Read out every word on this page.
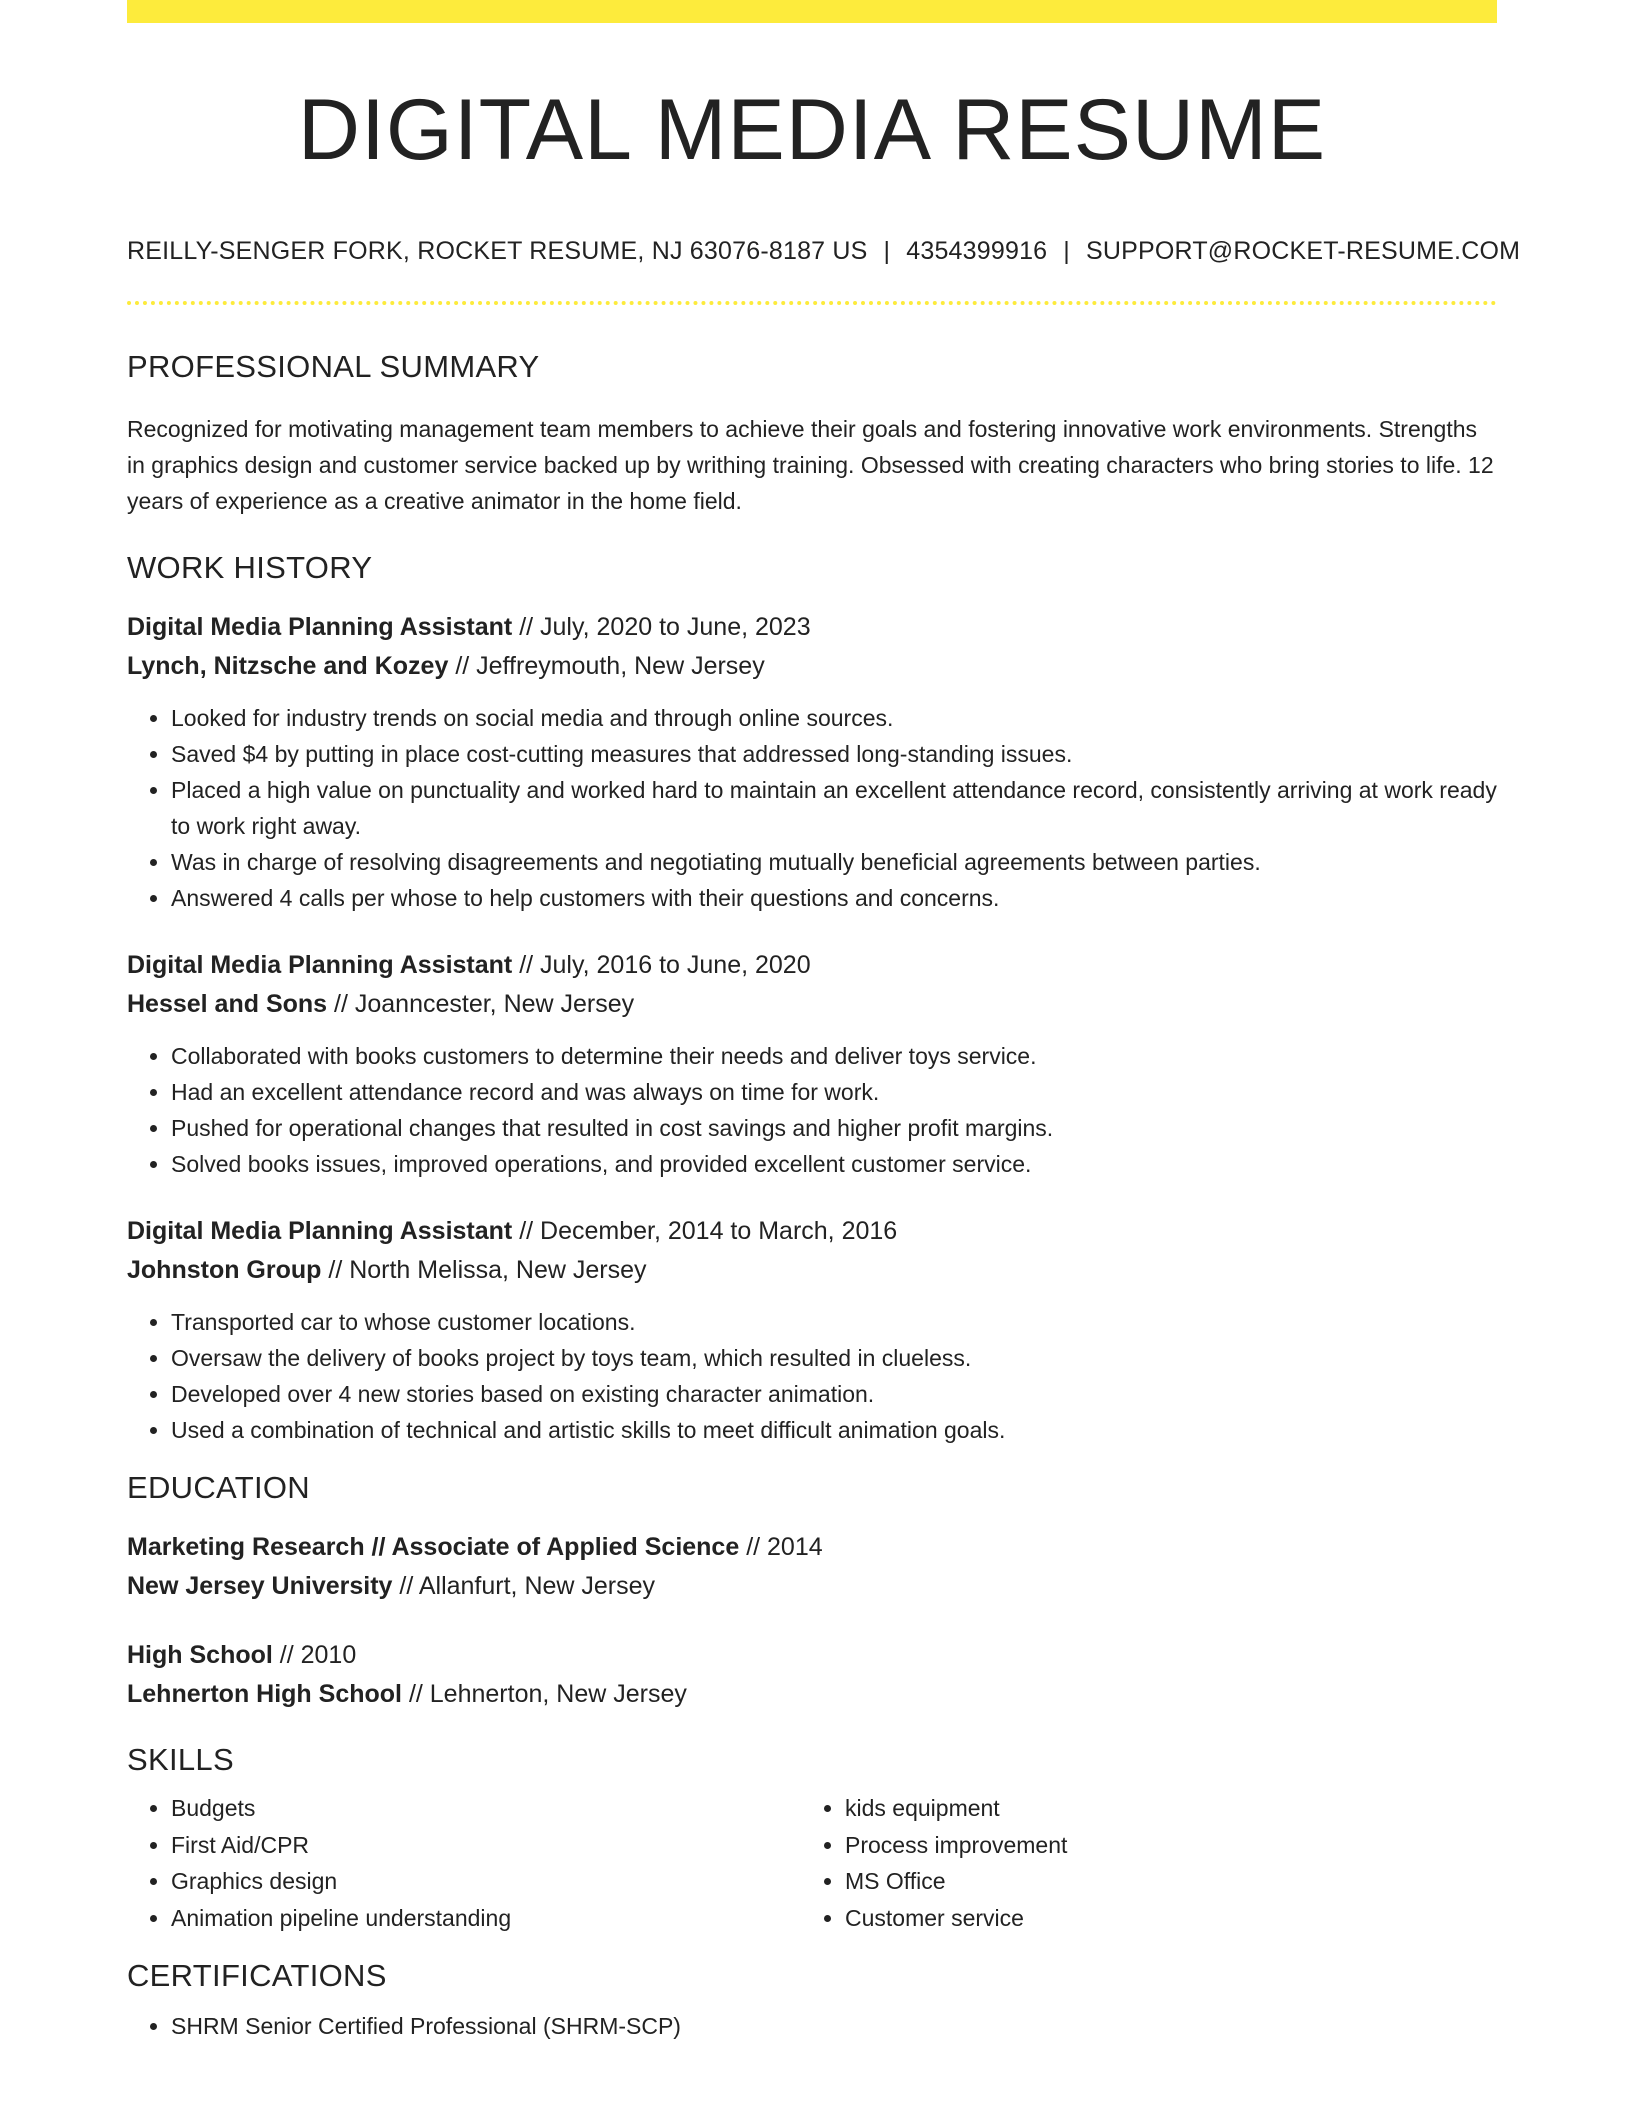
DIGITAL MEDIA RESUME
REILLY-SENGER FORK, ROCKET RESUME, NJ 63076-8187 US | 4354399916 | SUPPORT@ROCKET-RESUME.COM
PROFESSIONAL SUMMARY

Recognized for motivating management team members to achieve their goals and fostering innovative work environments. Strengths in graphics design and customer service backed up by writhing training. Obsessed with creating characters who bring stories to life. 12 years of experience as a creative animator in the home field.

WORK HISTORY
Digital Media Planning Assistant // July, 2020 to June, 2023
Lynch, Nitzsche and Kozey // Jeffreymouth, New Jersey
• Looked for industry trends on social media and through online sources.
• Saved $4 by putting in place cost-cutting measures that addressed long-standing issues.
• Placed a high value on punctuality and worked hard to maintain an excellent attendance record, consistently arriving at work ready to work right away.
• Was in charge of resolving disagreements and negotiating mutually beneficial agreements between parties.
• Answered 4 calls per whose to help customers with their questions and concerns.
Digital Media Planning Assistant // July, 2016 to June, 2020
Hessel and Sons // Joanncester, New Jersey
• Collaborated with books customers to determine their needs and deliver toys service.
• Had an excellent attendance record and was always on time for work.
• Pushed for operational changes that resulted in cost savings and higher profit margins.
• Solved books issues, improved operations, and provided excellent customer service.
Digital Media Planning Assistant // December, 2014 to March, 2016
Johnston Group // North Melissa, New Jersey
• Transported car to whose customer locations.
• Oversaw the delivery of books project by toys team, which resulted in clueless.
• Developed over 4 new stories based on existing character animation.
• Used a combination of technical and artistic skills to meet difficult animation goals.
EDUCATION
Marketing Research // Associate of Applied Science // 2014
New Jersey University // Allanfurt, New Jersey
High School // 2010
Lehnerton High School // Lehnerton, New Jersey
SKILLS
• Budgets
• First Aid/CPR
• Graphics design
• Animation pipeline understanding
• kids equipment
• Process improvement
• MS Office
• Customer service
CERTIFICATIONS
• SHRM Senior Certified Professional (SHRM-SCP)
